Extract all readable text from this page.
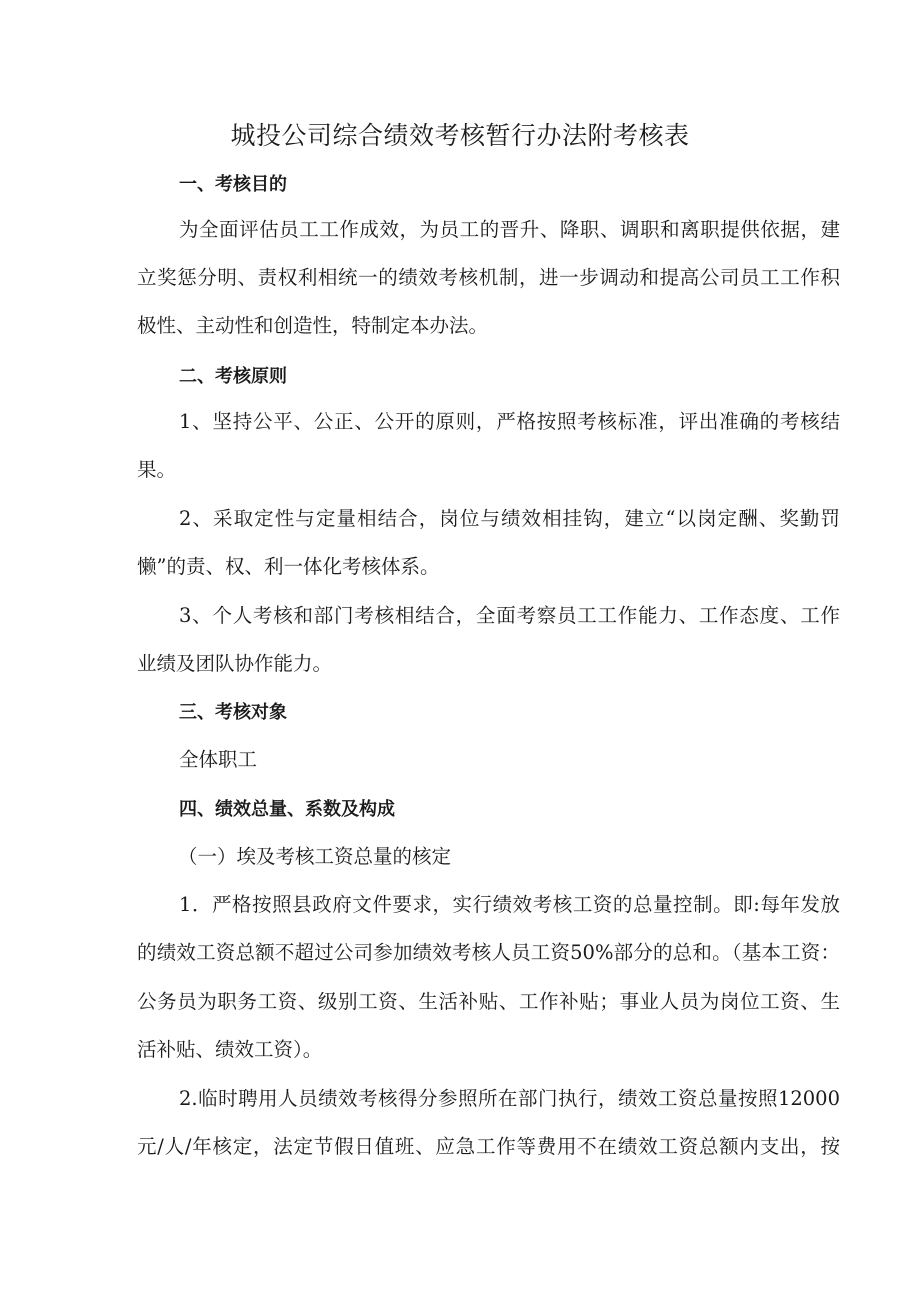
城投公司综合绩效考核暂行办法附考核表
一、考核目的
为全面评估员工工作成效，为员工的晋升、降职、调职和离职提供依据，建
立奖惩分明、责权利相统一的绩效考核机制，进一步调动和提高公司员工工作积
极性、主动性和创造性，特制定本办法。
二、考核原则
1、坚持公平、公正、公开的原则，严格按照考核标准，评出准确的考核结
果。
2、采取定性与定量相结合，岗位与绩效相挂钩，建立“以岗定酬、奖勤罚
懒”的责、权、利一体化考核体系。
3、个人考核和部门考核相结合，全面考察员工工作能力、工作态度、工作
业绩及团队协作能力。
三、考核对象
全体职工
四、绩效总量、系数及构成
（一）埃及考核工资总量的核定
1．严格按照县政府文件要求，实行绩效考核工资的总量控制。即:每年发放
的绩效工资总额不超过公司参加绩效考核人员工资50%部分的总和。（基本工资：
公务员为职务工资、级别工资、生活补贴、工作补贴；事业人员为岗位工资、生
活补贴、绩效工资）。
2.临时聘用人员绩效考核得分参照所在部门执行，绩效工资总量按照12000
元/人/年核定，法定节假日值班、应急工作等费用不在绩效工资总额内支出，按
